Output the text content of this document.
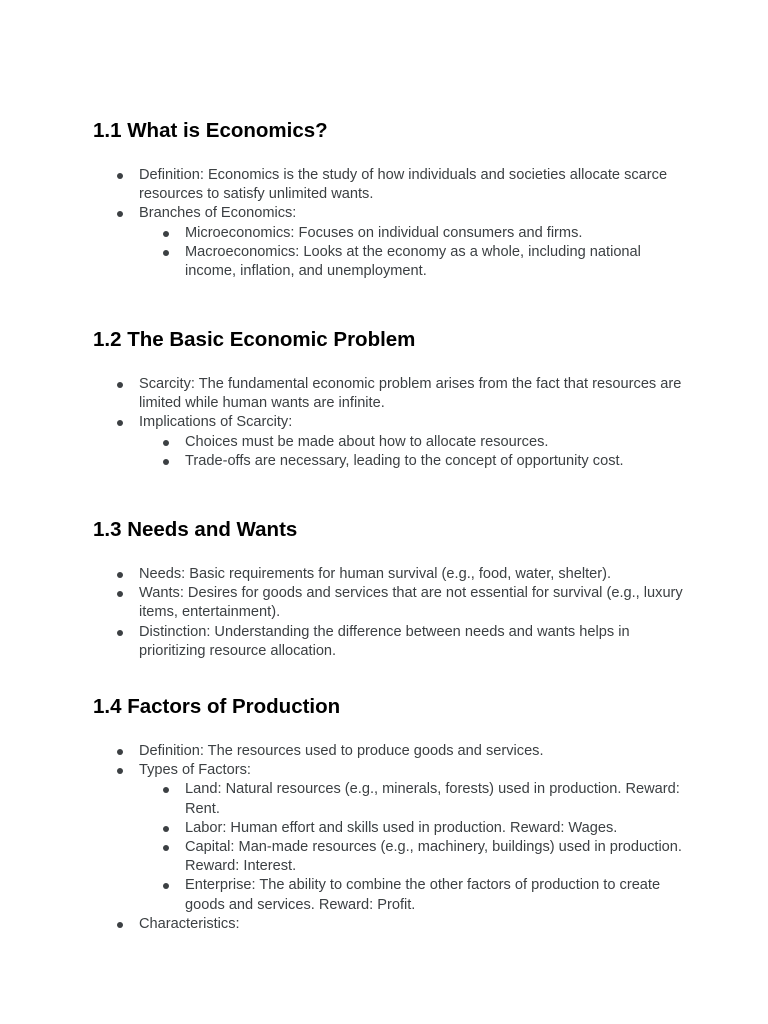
1.1 What is Economics?
Definition: Economics is the study of how individuals and societies allocate scarce resources to satisfy unlimited wants.
Branches of Economics:
Microeconomics: Focuses on individual consumers and firms.
Macroeconomics: Looks at the economy as a whole, including national income, inflation, and unemployment.
1.2 The Basic Economic Problem
Scarcity: The fundamental economic problem arises from the fact that resources are limited while human wants are infinite.
Implications of Scarcity:
Choices must be made about how to allocate resources.
Trade-offs are necessary, leading to the concept of opportunity cost.
1.3 Needs and Wants
Needs: Basic requirements for human survival (e.g., food, water, shelter).
Wants: Desires for goods and services that are not essential for survival (e.g., luxury items, entertainment).
Distinction: Understanding the difference between needs and wants helps in prioritizing resource allocation.
1.4 Factors of Production
Definition: The resources used to produce goods and services.
Types of Factors:
Land: Natural resources (e.g., minerals, forests) used in production. Reward: Rent.
Labor: Human effort and skills used in production. Reward: Wages.
Capital: Man-made resources (e.g., machinery, buildings) used in production. Reward: Interest.
Enterprise: The ability to combine the other factors of production to create goods and services. Reward: Profit.
Characteristics:
